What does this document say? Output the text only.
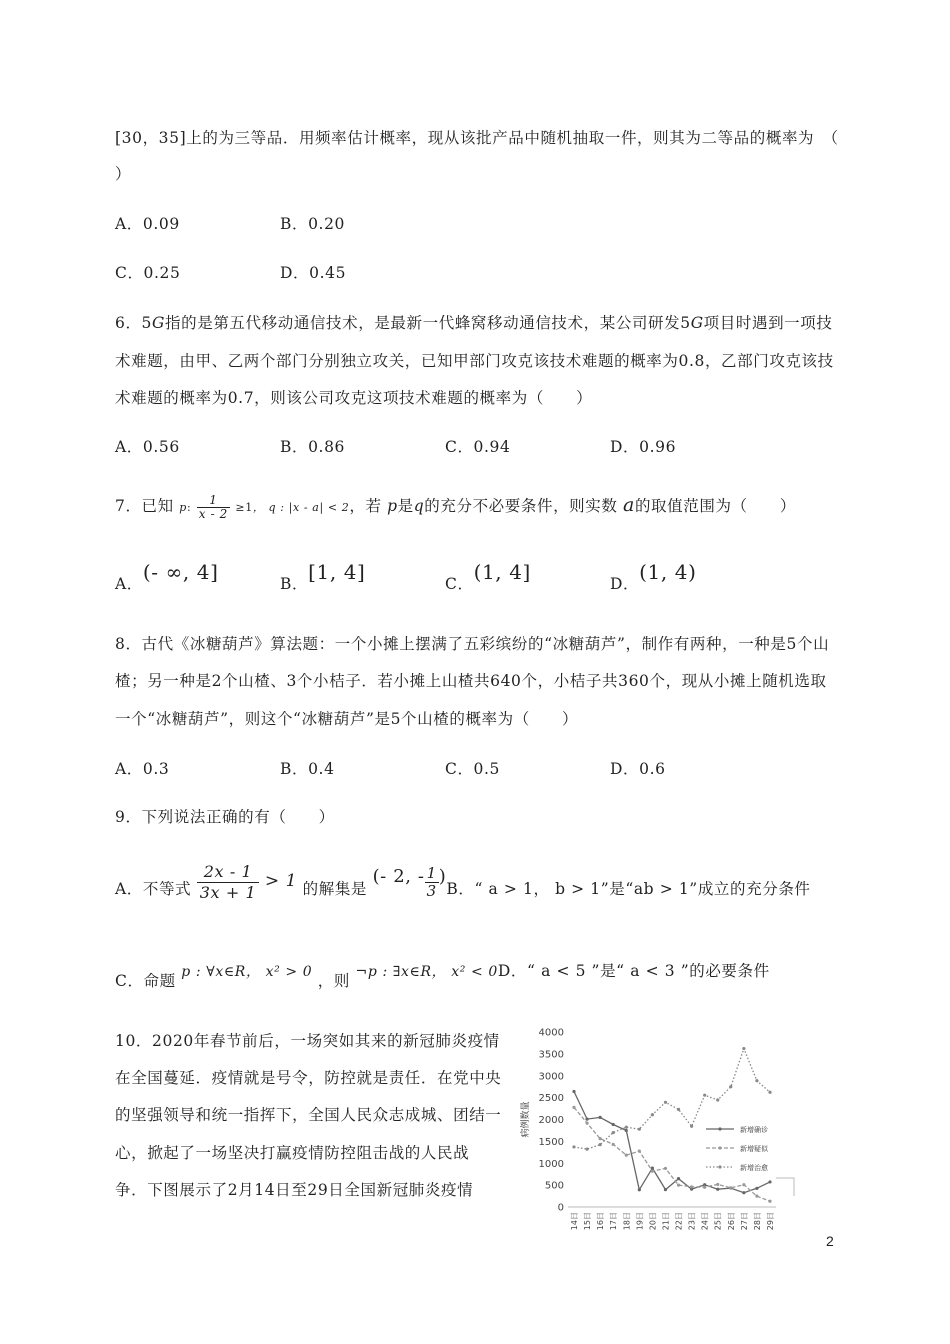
[30，35]上的为三等品．用频率估计概率，现从该批产品中随机抽取一件，则其为二等品的概率为　（
）
A．0.09	B．0.20
C．0.25	D．0.45
6．5G指的是第五代移动通信技术，是最新一代蜂窝移动通信技术，某公司研发5G项目时遇到一项技
术难题，由甲、乙两个部门分别独立攻关，已知甲部门攻克该技术难题的概率为0.8，乙部门攻克该技
术难题的概率为0.7，则该公司攻克这项技术难题的概率为（　　）
A．0.56	B．0.86	C．0.94	D．0.96
7．已知 p: $\frac{1}{x - 2} \ge 1$， q : |x - a| < 2，若 p是q的充分不必要条件，则实数 a的取值范围为（　　）
A．(- ∞, 4]	B．[1, 4]	C．(1, 4]	D．(1, 4)
8．古代《冰糖葫芦》算法题：一个小摊上摆满了五彩缤纷的“冰糖葫芦”，制作有两种，一种是5个山
楂；另一种是2个山楂、3个小桔子．若小摊上山楂共640个，小桔子共360个，现从小摊上随机选取
一个“冰糖葫芦”，则这个“冰糖葫芦”是5个山楂的概率为（　　）
A．0.3	B．0.4	C．0.5	D．0.6
9．下列说法正确的有（　　）
A．不等式 $\frac{2x - 1}{3x + 1} > 1$ 的解集是 (- 2, - $\frac{1}{3} )B$．“ a > 1， b > 1”是“ab > 1”成立的充分条件
C．命题 p : ∀x∈R， x² > 0 ，则 ¬p : ∃x∈R， x² < 0D．“ a < 5 ”是“ a < 3 ”的必要条件
10．2020年春节前后，一场突如其来的新冠肺炎疫情
在全国蔓延．疫情就是号令，防控就是责任．在党中央
的坚强领导和统一指挥下，全国人民众志成城、团结一
心，掀起了一场坚决打赢疫情防控阻击战的人民战
争．下图展示了2月14日至29日全国新冠肺炎疫情
0
500
1000
1500
2000
2500
3000
3500
4000
病例数量
14日 15日 16日 17日 18日 19日 20日 21日 22日 23日 24日 25日 26日 27日 28日 29日
新增确诊
新增疑似
新增治愈
2
